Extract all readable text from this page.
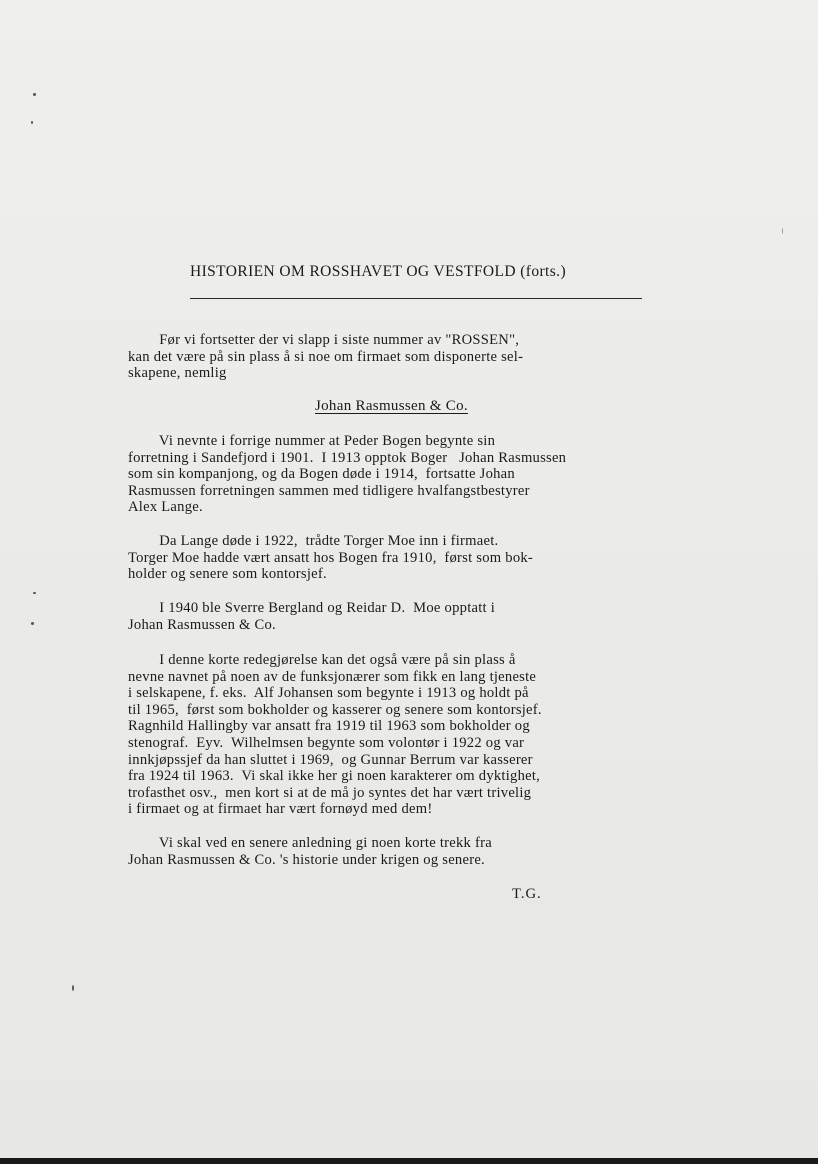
HISTORIEN OM ROSSHAVET OG VESTFOLD (forts.)

Før vi fortsetter der vi slapp i siste nummer av "ROSSEN",
kan det være på sin plass å si noe om firmaet som disponerte sel-
skapene, nemlig

Johan Rasmussen & Co.

Vi nevnte i forrige nummer at Peder Bogen begynte sin
forretning i Sandefjord i 1901.  I 1913 opptok Boger   Johan Rasmussen
som sin kompanjong, og da Bogen døde i 1914,  fortsatte Johan
Rasmussen forretningen sammen med tidligere hvalfangstbestyrer
Alex Lange.

Da Lange døde i 1922,  trådte Torger Moe inn i firmaet.
Torger Moe hadde vært ansatt hos Bogen fra 1910,  først som bok-
holder og senere som kontorsjef.

I 1940 ble Sverre Bergland og Reidar D.  Moe opptatt i
Johan Rasmussen & Co.

I denne korte redegjørelse kan det også være på sin plass å
nevne navnet på noen av de funksjonærer som fikk en lang tjeneste
i selskapene, f. eks.  Alf Johansen som begynte i 1913 og holdt på
til 1965,  først som bokholder og kasserer og senere som kontorsjef.
Ragnhild Hallingby var ansatt fra 1919 til 1963 som bokholder og
stenograf.  Eyv.  Wilhelmsen begynte som volontør i 1922 og var
innkjøpssjef da han sluttet i 1969,  og Gunnar Berrum var kasserer
fra 1924 til 1963.  Vi skal ikke her gi noen karakterer om dyktighet,
trofasthet osv.,  men kort si at de må jo syntes det har vært trivelig
i firmaet og at firmaet har vært fornøyd med dem!

Vi skal ved en senere anledning gi noen korte trekk fra
Johan Rasmussen & Co. 's historie under krigen og senere.

T.G.
